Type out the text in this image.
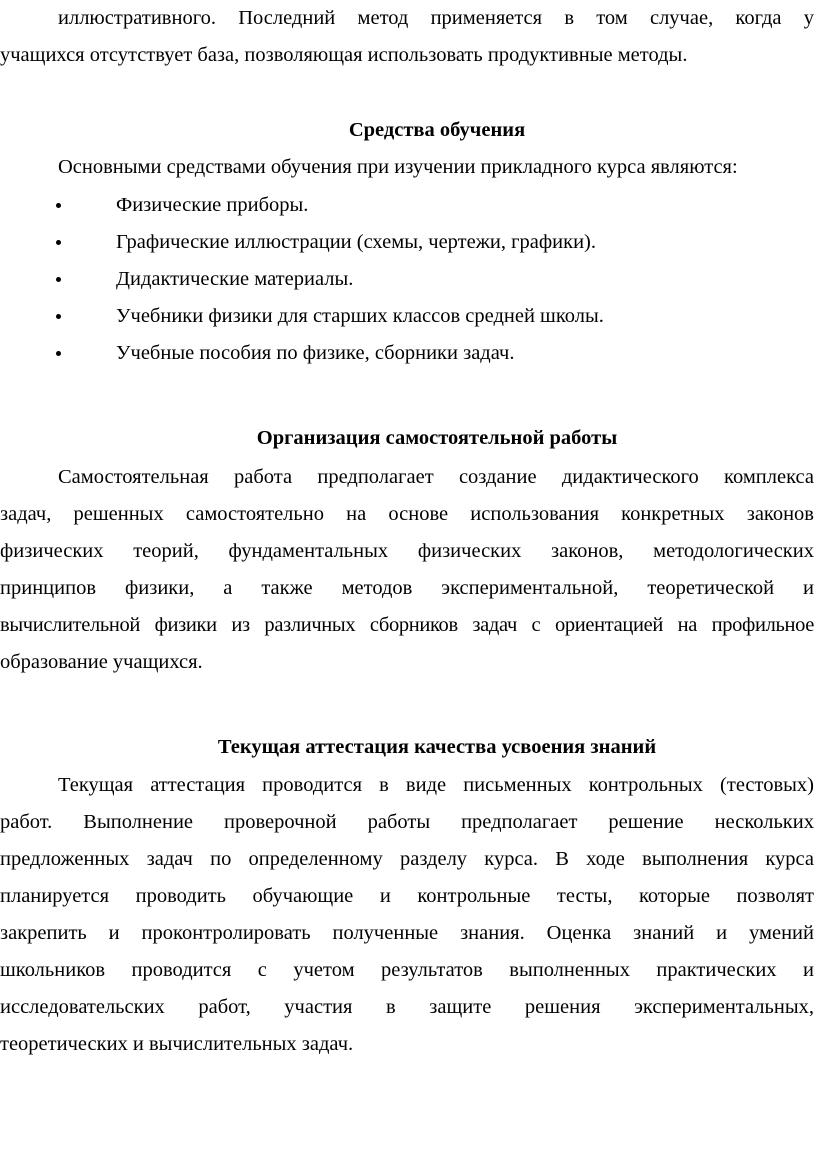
иллюстративного. Последний метод применяется в том случае, когда у
учащихся отсутствует база, позволяющая использовать продуктивные методы.
Средства обучения
Основными средствами обучения при изучении прикладного курса являются:
Физические приборы.
Графические иллюстрации (схемы, чертежи, графики).
Дидактические материалы.
Учебники физики для старших классов средней школы.
Учебные пособия по физике, сборники задач.
Организация самостоятельной работы
Самостоятельная работа предполагает создание дидактического комплекса
задач, решенных самостоятельно на основе использования конкретных законов
физических теорий, фундаментальных физических законов, методологических
принципов физики, а также методов экспериментальной, теоретической и
вычислительной физики из различных сборников задач с ориентацией на профильное
образование учащихся.
Текущая аттестация качества усвоения знаний
Текущая аттестация проводится в виде письменных контрольных (тестовых)
работ. Выполнение проверочной работы предполагает решение нескольких
предложенных задач по определенному разделу курса. В ходе выполнения курса
планируется проводить обучающие и контрольные тесты, которые позволят
закрепить и проконтролировать полученные знания. Оценка знаний и умений
школьников проводится с учетом результатов выполненных практических и
исследовательских работ, участия в защите решения экспериментальных,
теоретических и вычислительных задач.
